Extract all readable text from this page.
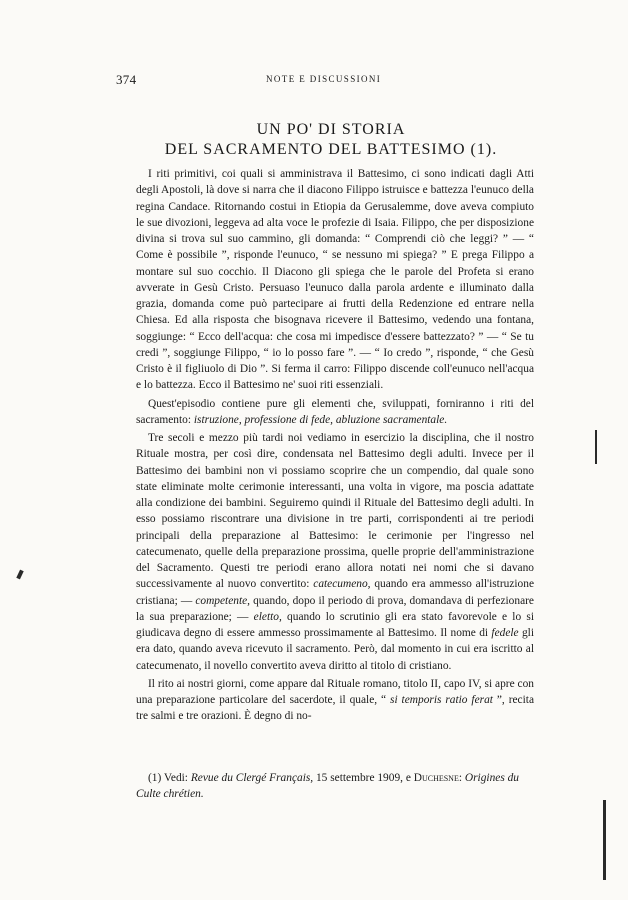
374	NOTE E DISCUSSIONI
UN PO' DI STORIA
DEL SACRAMENTO DEL BATTESIMO (1).

I riti primitivi, coi quali si amministrava il Battesimo, ci sono indicati dagli Atti degli Apostoli, là dove si narra che il diacono Filippo istruisce e battezza l'eunuco della regina Candace. Ritornando costui in Etiopia da Gerusalemme, dove aveva compiuto le sue divozioni, leggeva ad alta voce le profezie di Isaia. Filippo, che per disposizione divina si trova sul suo cammino, gli domanda: “ Comprendi ciò che leggi? ” — “ Come è possibile ”, risponde l'eunuco, “ se nessuno mi spiega? ” E prega Filippo a montare sul suo cocchio. Il Diacono gli spiega che le parole del Profeta si erano avverate in Gesù Cristo. Persuaso l'eunuco dalla parola ardente e illuminato dalla grazia, domanda come può partecipare ai frutti della Redenzione ed entrare nella Chiesa. Ed alla risposta che bisognava ricevere il Battesimo, vedendo una fontana, soggiunge: “ Ecco dell'acqua: che cosa mi impedisce d'essere battezzato? ” — “ Se tu credi ”, soggiunge Filippo, “ io lo posso fare ”. — “ Io credo ”, risponde, “ che Gesù Cristo è il figliuolo di Dio ”. Si ferma il carro: Filippo discende coll'eunuco nell'acqua e lo battezza. Ecco il Battesimo ne' suoi riti essenziali.

Quest'episodio contiene pure gli elementi che, sviluppati, forniranno i riti del sacramento: istruzione, professione di fede, abluzione sacramentale.

Tre secoli e mezzo più tardi noi vediamo in esercizio la disciplina, che il nostro Rituale mostra, per così dire, condensata nel Battesimo degli adulti. Invece per il Battesimo dei bambini non vi possiamo scoprire che un compendio, dal quale sono state eliminate molte cerimonie interessanti, una volta in vigore, ma poscia adattate alla condizione dei bambini. Seguiremo quindi il Rituale del Battesimo degli adulti. In esso possiamo riscontrare una divisione in tre parti, corrispondenti ai tre periodi principali della preparazione al Battesimo: le cerimonie per l'ingresso nel catecumenato, quelle della preparazione prossima, quelle proprie dell'amministrazione del Sacramento. Questi tre periodi erano allora notati nei nomi che si davano successivamente al nuovo convertito: catecumeno, quando era ammesso all'istruzione cristiana; — competente, quando, dopo il periodo di prova, domandava di perfezionare la sua preparazione; — eletto, quando lo scrutinio gli era stato favorevole e lo si giudicava degno di essere ammesso prossimamente al Battesimo. Il nome di fedele gli era dato, quando aveva ricevuto il sacramento. Però, dal momento in cui era iscritto al catecumenato, il novello convertito aveva diritto al titolo di cristiano.

Il rito ai nostri giorni, come appare dal Rituale romano, titolo II, capo IV, si apre con una preparazione particolare del sacerdote, il quale, “ si temporis ratio ferat ”, recita tre salmi e tre orazioni. È degno di no-

(1) Vedi: Revue du Clergé Français, 15 settembre 1909, e Duchesne: Origines du Culte chrétien.
